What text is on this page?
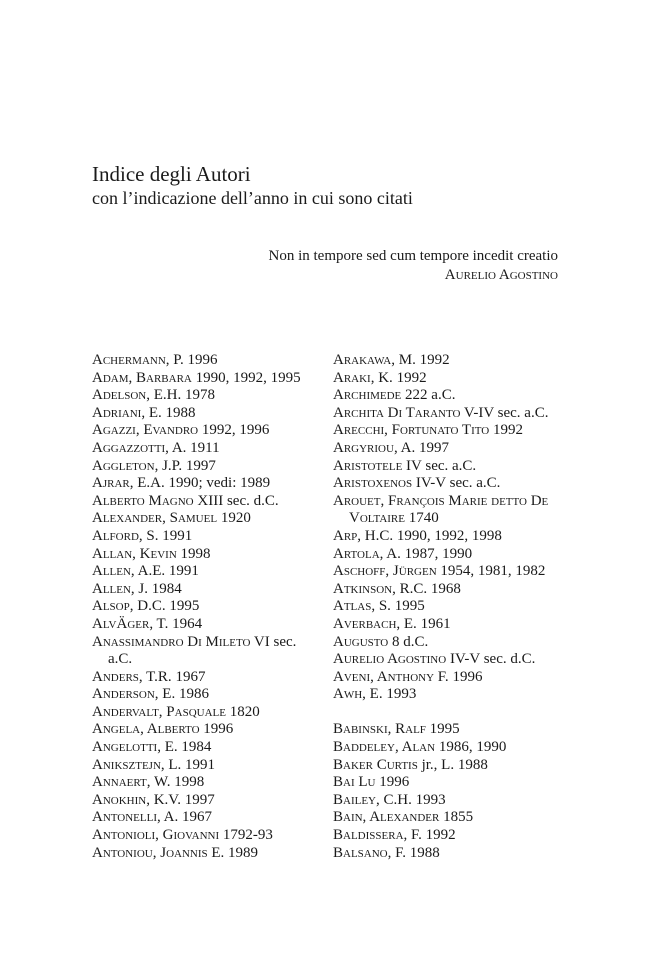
Indice degli Autori

con l’indicazione dell’anno in cui sono citati

Non in tempore sed cum tempore incedit creatio
Aurelio Agostino
Achermann, P. 1996
Adam, Barbara 1990, 1992, 1995
Adelson, E.H. 1978
Adriani, E. 1988
Agazzi, Evandro 1992, 1996
Aggazzotti, A. 1911
Aggleton, J.P. 1997
Ajrar, E.A. 1990; vedi: 1989
Alberto Magno XIII sec. d.C.
Alexander, Samuel 1920
Alford, S. 1991
Allan, Kevin 1998
Allen, A.E. 1991
Allen, J. 1984
Alsop, D.C. 1995
AlvÄger, T. 1964
Anassimandro Di Mileto VI sec. a.C.
Anders, T.R. 1967
Anderson, E. 1986
Andervalt, Pasquale 1820
Angela, Alberto 1996
Angelotti, E. 1984
Aniksztejn, L. 1991
Annaert, W. 1998
Anokhin, K.V. 1997
Antonelli, A. 1967
Antonioli, Giovanni 1792-93
Antoniou, Joannis E. 1989
Arakawa, M. 1992
Araki, K. 1992
Archimede 222 a.C.
Archita Di Taranto V-IV sec. a.C.
Arecchi, Fortunato Tito 1992
Argyriou, A. 1997
Aristotele IV sec. a.C.
Aristoxenos IV-V sec. a.C.
Arouet, François Marie detto De Voltaire 1740
Arp, H.C. 1990, 1992, 1998
Artola, A. 1987, 1990
Aschoff, Jürgen 1954, 1981, 1982
Atkinson, R.C. 1968
Atlas, S. 1995
Averbach, E. 1961
Augusto 8 d.C.
Aurelio Agostino IV-V sec. d.C.
Aveni, Anthony F. 1996
Awh, E. 1993
Babinski, Ralf 1995
Baddeley, Alan 1986, 1990
Baker Curtis jr., L. 1988
Bai Lu 1996
Bailey, C.H. 1993
Bain, Alexander 1855
Baldissera, F. 1992
Balsano, F. 1988
